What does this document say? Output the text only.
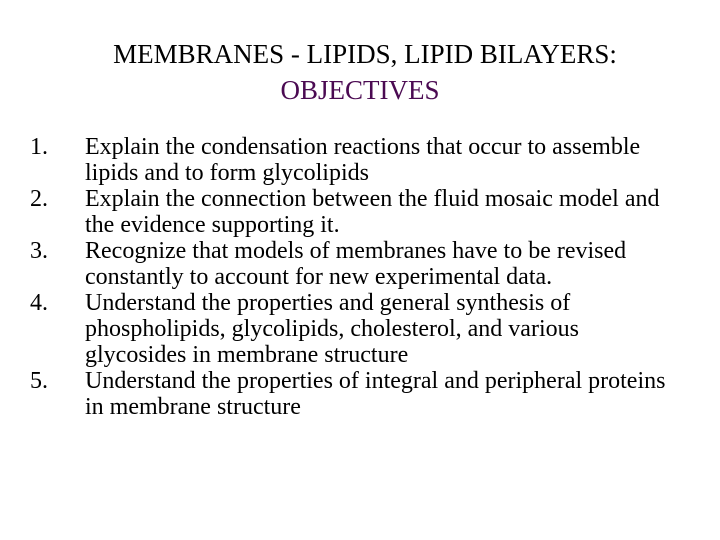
MEMBRANES - LIPIDS, LIPID BILAYERS:
OBJECTIVES
1.	Explain the condensation reactions that occur to assemble lipids and to form glycolipids
2.	Explain the connection between the fluid mosaic model and the evidence supporting it.
3.	Recognize that models of membranes have to be revised constantly to account for new experimental data.
4.	Understand the properties and general synthesis of phospholipids, glycolipids, cholesterol, and various glycosides in membrane structure
5.	Understand the properties of integral and peripheral proteins in membrane structure
